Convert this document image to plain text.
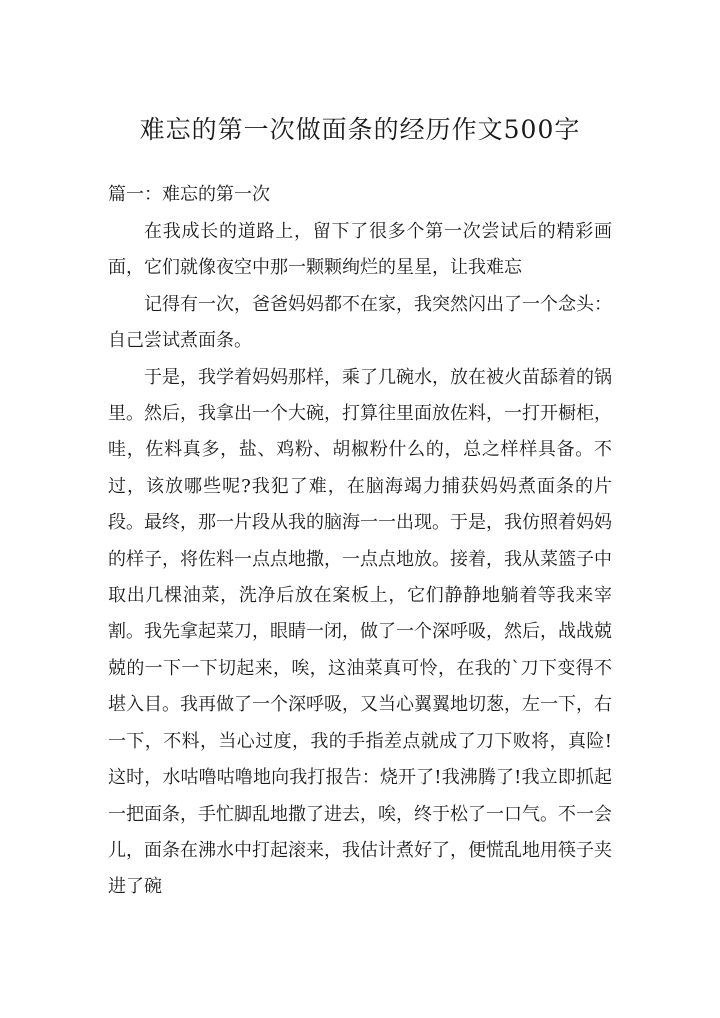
难忘的第一次做面条的经历作文500字
篇一：难忘的第一次

在我成长的道路上，留下了很多个第一次尝试后的精彩画面，它们就像夜空中那一颗颗绚烂的星星，让我难忘

记得有一次，爸爸妈妈都不在家，我突然闪出了一个念头：自己尝试煮面条。

于是，我学着妈妈那样，乘了几碗水，放在被火苗舔着的锅里。然后，我拿出一个大碗，打算往里面放佐料，一打开橱柜，哇，佐料真多，盐、鸡粉、胡椒粉什么的，总之样样具备。不过，该放哪些呢?我犯了难，在脑海竭力捕获妈妈煮面条的片段。最终，那一片段从我的脑海一一出现。于是，我仿照着妈妈的样子，将佐料一点点地撒，一点点地放。接着，我从菜篮子中取出几棵油菜，洗净后放在案板上，它们静静地躺着等我来宰割。我先拿起菜刀，眼睛一闭，做了一个深呼吸，然后，战战兢兢的一下一下切起来，唉，这油菜真可怜，在我的`刀下变得不堪入目。我再做了一个深呼吸，又当心翼翼地切葱，左一下，右一下，不料，当心过度，我的手指差点就成了刀下败将，真险!这时，水咕噜咕噜地向我打报告：烧开了!我沸腾了!我立即抓起一把面条，手忙脚乱地撒了进去，唉，终于松了一口气。不一会儿，面条在沸水中打起滚来，我估计煮好了，便慌乱地用筷子夹进了碗
